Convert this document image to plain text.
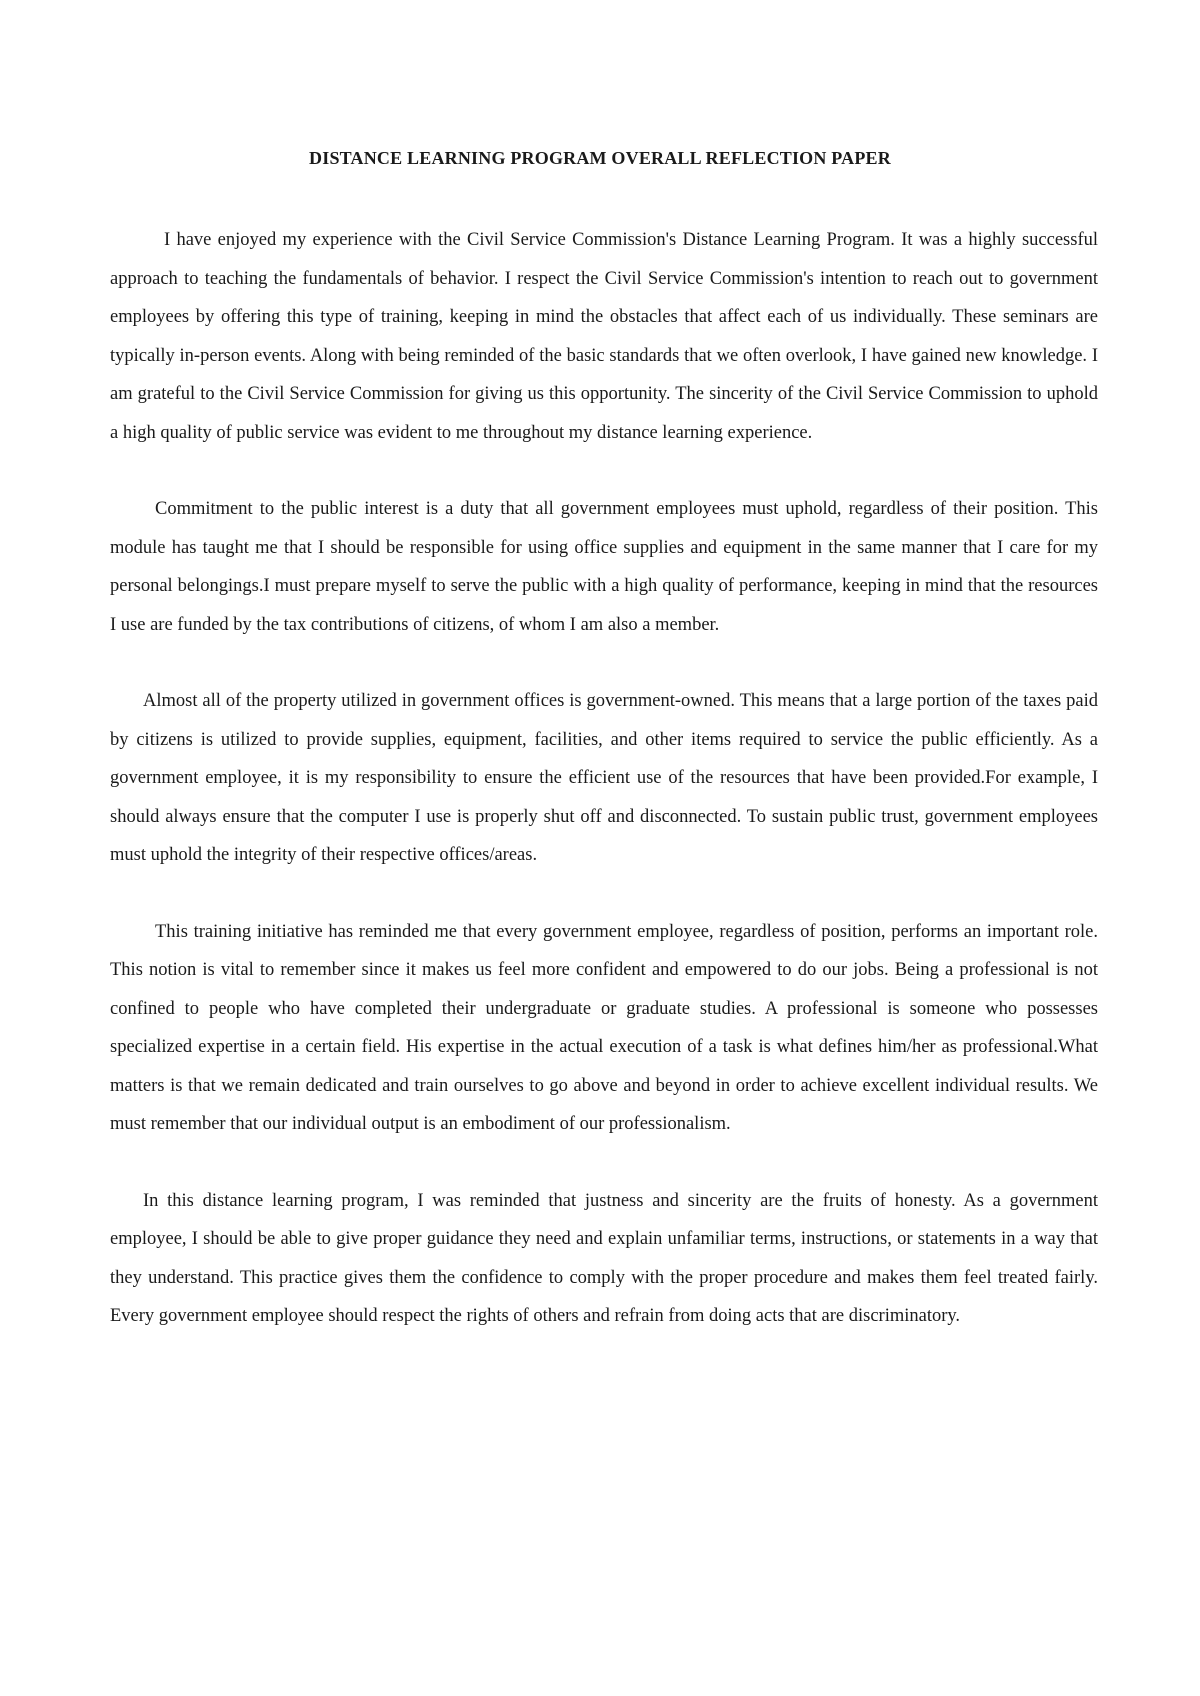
DISTANCE LEARNING PROGRAM OVERALL REFLECTION PAPER

I have enjoyed my experience with the Civil Service Commission's Distance Learning Program. It was a highly successful approach to teaching the fundamentals of behavior. I respect the Civil Service Commission's intention to reach out to government employees by offering this type of training, keeping in mind the obstacles that affect each of us individually. These seminars are typically in-person events. Along with being reminded of the basic standards that we often overlook, I have gained new knowledge. I am grateful to the Civil Service Commission for giving us this opportunity. The sincerity of the Civil Service Commission to uphold a high quality of public service was evident to me throughout my distance learning experience.

Commitment to the public interest is a duty that all government employees must uphold, regardless of their position. This module has taught me that I should be responsible for using office supplies and equipment in the same manner that I care for my personal belongings.I must prepare myself to serve the public with a high quality of performance, keeping in mind that the resources I use are funded by the tax contributions of citizens, of whom I am also a member.

Almost all of the property utilized in government offices is government-owned. This means that a large portion of the taxes paid by citizens is utilized to provide supplies, equipment, facilities, and other items required to service the public efficiently. As a government employee, it is my responsibility to ensure the efficient use of the resources that have been provided.For example, I should always ensure that the computer I use is properly shut off and disconnected. To sustain public trust, government employees must uphold the integrity of their respective offices/areas.

This training initiative has reminded me that every government employee, regardless of position, performs an important role. This notion is vital to remember since it makes us feel more confident and empowered to do our jobs. Being a professional is not confined to people who have completed their undergraduate or graduate studies. A professional is someone who possesses specialized expertise in a certain field. His expertise in the actual execution of a task is what defines him/her as professional.What matters is that we remain dedicated and train ourselves to go above and beyond in order to achieve excellent individual results. We must remember that our individual output is an embodiment of our professionalism.

In this distance learning program, I was reminded that justness and sincerity are the fruits of honesty. As a government employee, I should be able to give proper guidance they need and explain unfamiliar terms, instructions, or statements in a way that they understand. This practice gives them the confidence to comply with the proper procedure and makes them feel treated fairly. Every government employee should respect the rights of others and refrain from doing acts that are discriminatory.
